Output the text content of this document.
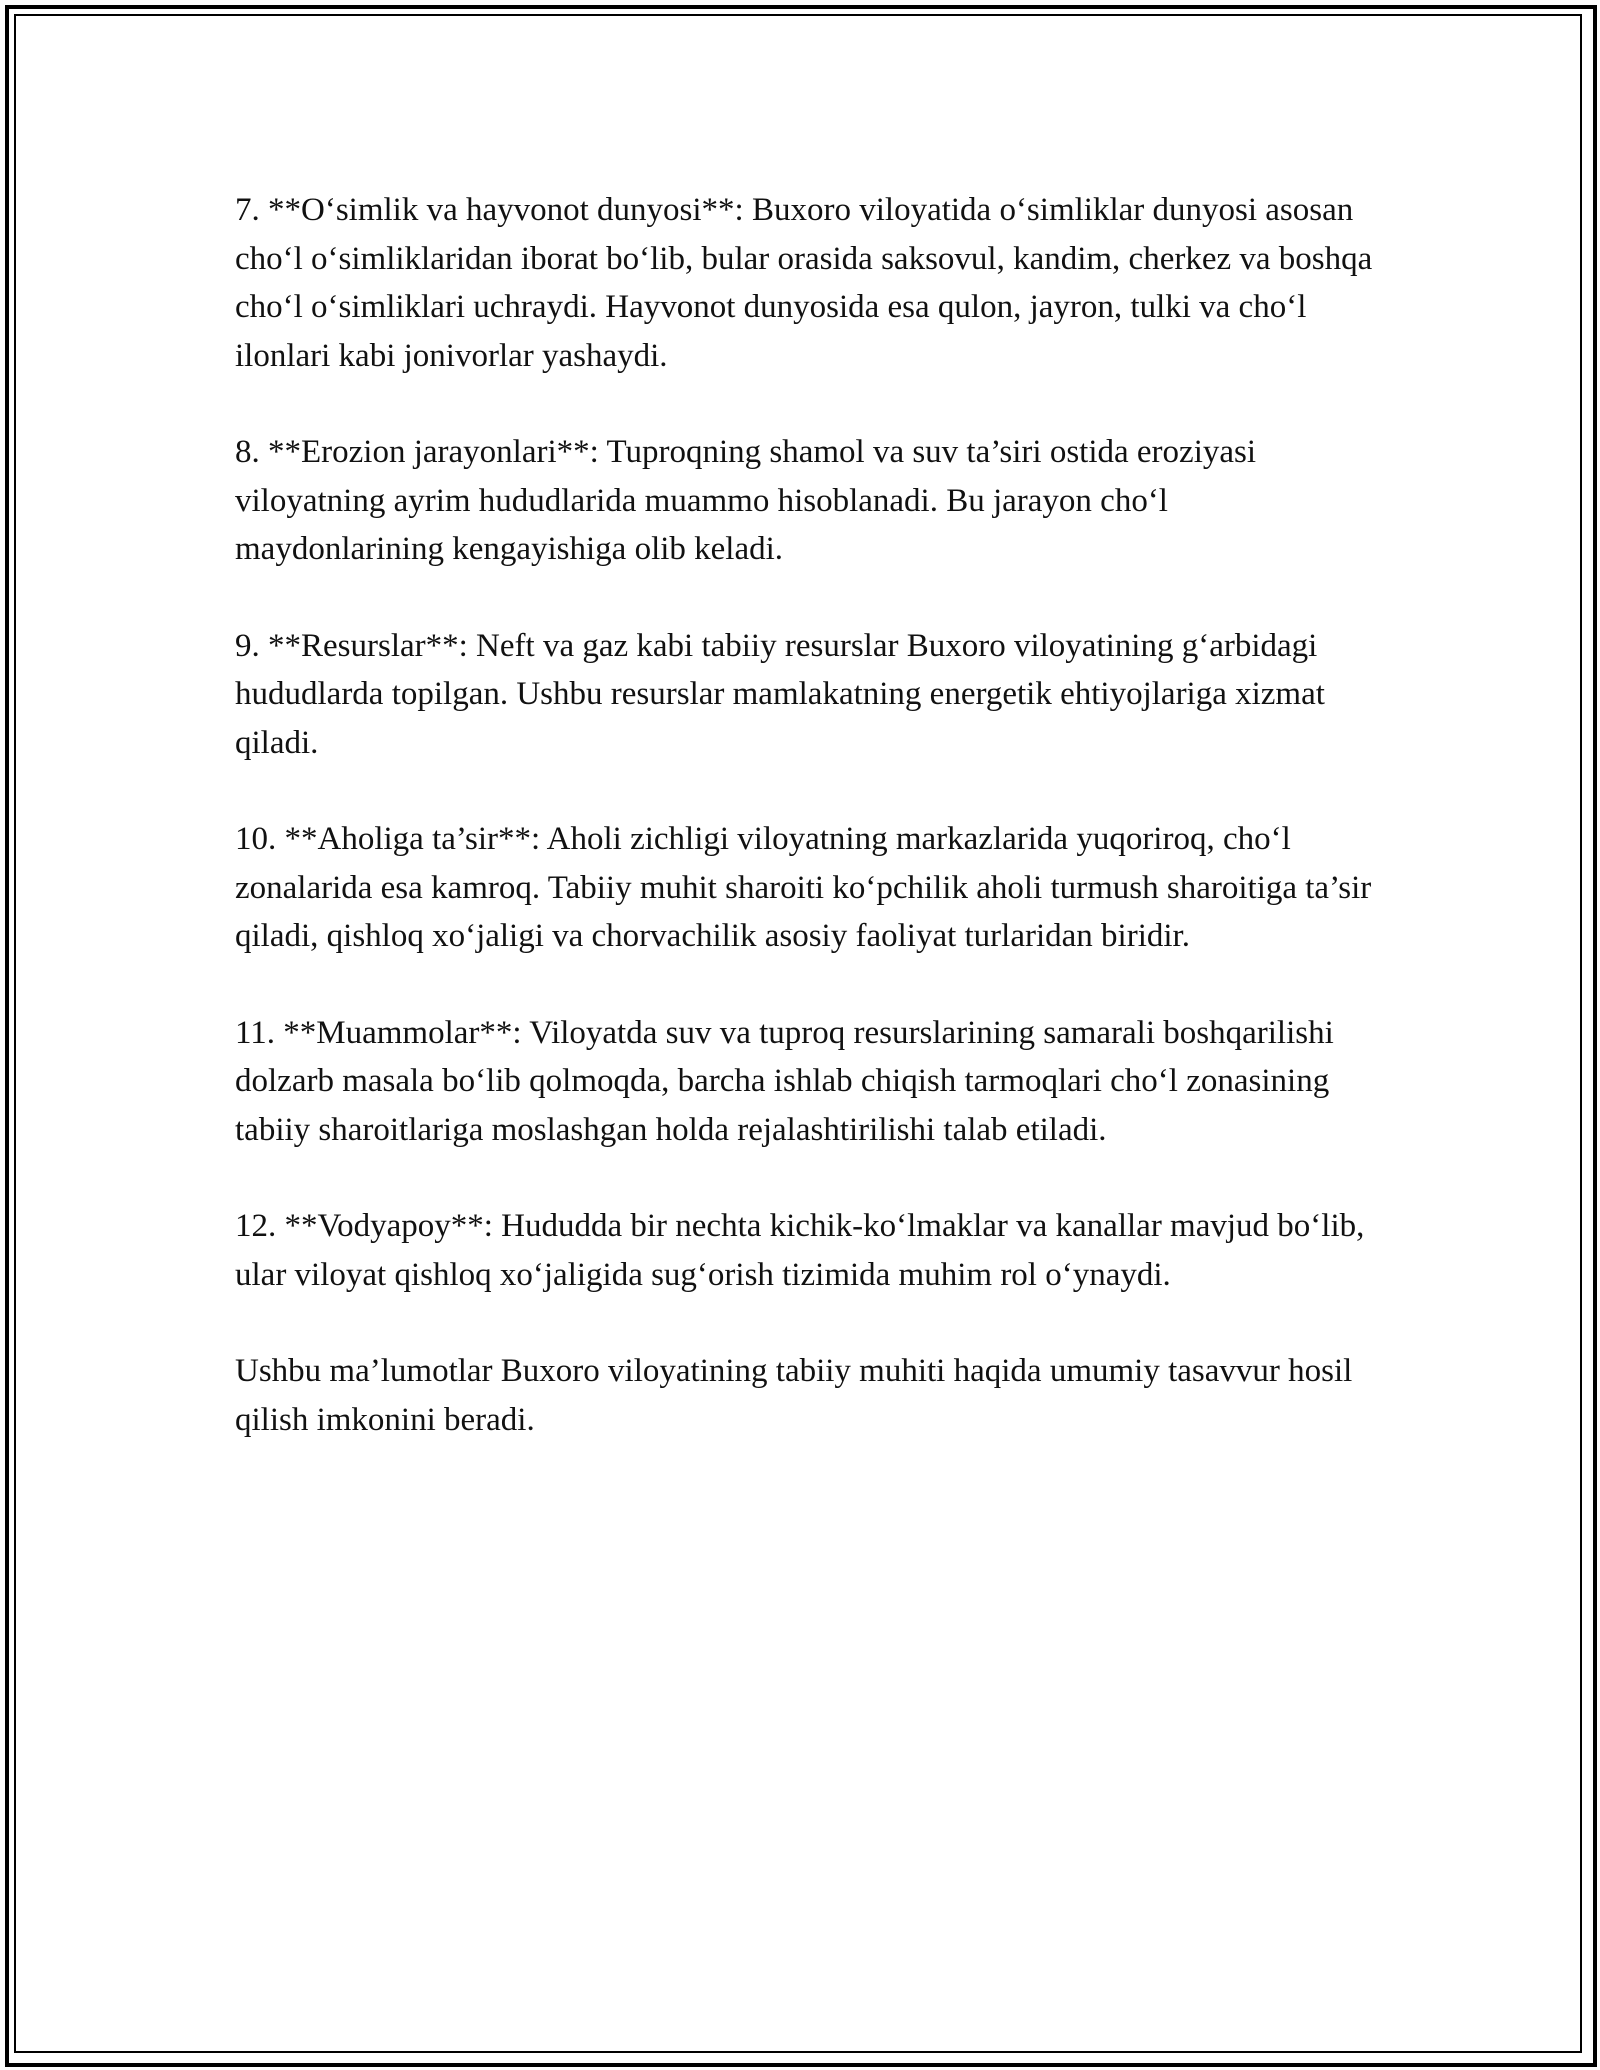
7. **O‘simlik va hayvonot dunyosi**: Buxoro viloyatida o‘simliklar dunyosi asosan cho‘l o‘simliklaridan iborat bo‘lib, bular orasida saksovul, kandim, cherkez va boshqa cho‘l o‘simliklari uchraydi. Hayvonot dunyosida esa qulon, jayron, tulki va cho‘l ilonlari kabi jonivorlar yashaydi.

8. **Erozion jarayonlari**: Tuproqning shamol va suv ta’siri ostida eroziyasi viloyatning ayrim hududlarida muammo hisoblanadi. Bu jarayon cho‘l maydonlarining kengayishiga olib keladi.

9. **Resurslar**: Neft va gaz kabi tabiiy resurslar Buxoro viloyatining g‘arbidagi hududlarda topilgan. Ushbu resurslar mamlakatning energetik ehtiyojlariga xizmat qiladi.

10. **Aholiga ta’sir**: Aholi zichligi viloyatning markazlarida yuqoriroq, cho‘l zonalarida esa kamroq. Tabiiy muhit sharoiti ko‘pchilik aholi turmush sharoitiga ta’sir qiladi, qishloq xo‘jaligi va chorvachilik asosiy faoliyat turlaridan biridir.

11. **Muammolar**: Viloyatda suv va tuproq resurslarining samarali boshqarilishi dolzarb masala bo‘lib qolmoqda, barcha ishlab chiqish tarmoqlari cho‘l zonasining tabiiy sharoitlariga moslashgan holda rejalashtirilishi talab etiladi.

12. **Vodyapoy**: Hududda bir nechta kichik-ko‘lmaklar va kanallar mavjud bo‘lib, ular viloyat qishloq xo‘jaligida sug‘orish tizimida muhim rol o‘ynaydi.

Ushbu ma’lumotlar Buxoro viloyatining tabiiy muhiti haqida umumiy tasavvur hosil qilish imkonini beradi.
